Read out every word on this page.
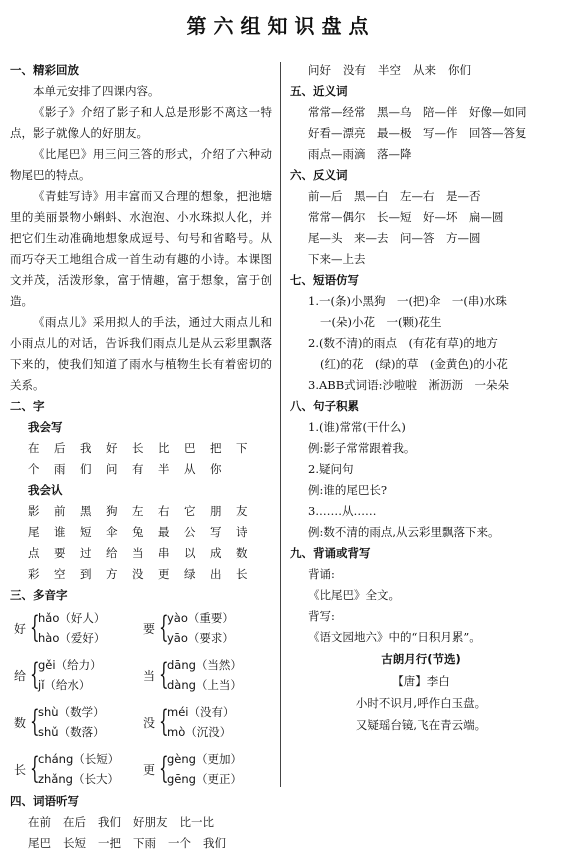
第六组知识盘点
一、精彩回放
本单元安排了四课内容。
《影子》介绍了影子和人总是形影不离这一特点，影子就像人的好朋友。
《比尾巴》用三问三答的形式，介绍了六种动物尾巴的特点。
《青蛙写诗》用丰富而又合理的想象，把池塘里的美丽景物小蝌蚪、水泡泡、小水珠拟人化，并把它们生动准确地想象成逗号、句号和省略号。从而巧夺天工地组合成一首生动有趣的小诗。本课图文并茂，活泼形象，富于情趣，富于想象，富于创造。
《雨点儿》采用拟人的手法，通过大雨点儿和小雨点儿的对话，告诉我们雨点儿是从云彩里飘落下来的，使我们知道了雨水与植物生长有着密切的关系。
二、字
我会写
在	后	我	好	长	比	巴	把	下
个	雨	们	问	有	半	从	你
我会认
影	前	黑	狗	左	右	它	朋	友
尾	谁	短	伞	兔	最	公	写	诗
点	要	过	给	当	串	以	成	数
彩	空	到	方	没	更	绿	出	长
三、多音字
好 {
hǎo（好人）
hào（爱好）
要 {
yào（重要）
yāo（要求）
给 {
gěi（给力）
jǐ（给水）
当 {
dāng（当然）
dàng（上当）
数 {
shù（数学）
shǔ（数落）
没 {
méi（没有）
mò（沉没）
长 {
cháng（长短）
zhǎng（长大）
更 {
gèng（更加）
gēng（更正）
四、词语听写
在前 在后 我们 好朋友 比一比
尾巴 长短 一把 下雨 一个 我们
问好 没有 半空 从来 你们
五、近义词
常常—经常　黑—乌　陪—伴　好像—如同
好看—漂亮　最—极　写—作　回答—答复
雨点—雨滴　落—降
六、反义词
前—后　黑—白　左—右　是—否
常常—偶尔　长—短　好—坏　扁—圆
尾—头　来—去　问—答　方—圆
下来—上去
七、短语仿写
1.一(条)小黑狗　一(把)伞　一(串)水珠
一(朵)小花　一(颗)花生
2.(数不清)的雨点　(有花有草)的地方
(红)的花　(绿)的草　(金黄色)的小花
3.ABB式词语:沙啦啦　淅沥沥　一朵朵
八、句子积累
1.(谁)常常(干什么)
例:影子常常跟着我。
2.疑问句
例:谁的尾巴长?
3.……从……
例:数不清的雨点,从云彩里飘落下来。
九、背诵或背写
背诵:
《比尾巴》全文。
背写:
《语文园地六》中的“日积月累”。
古朗月行(节选)
【唐】李白
小时不识月,呼作白玉盘。
又疑瑶台镜,飞在青云端。
